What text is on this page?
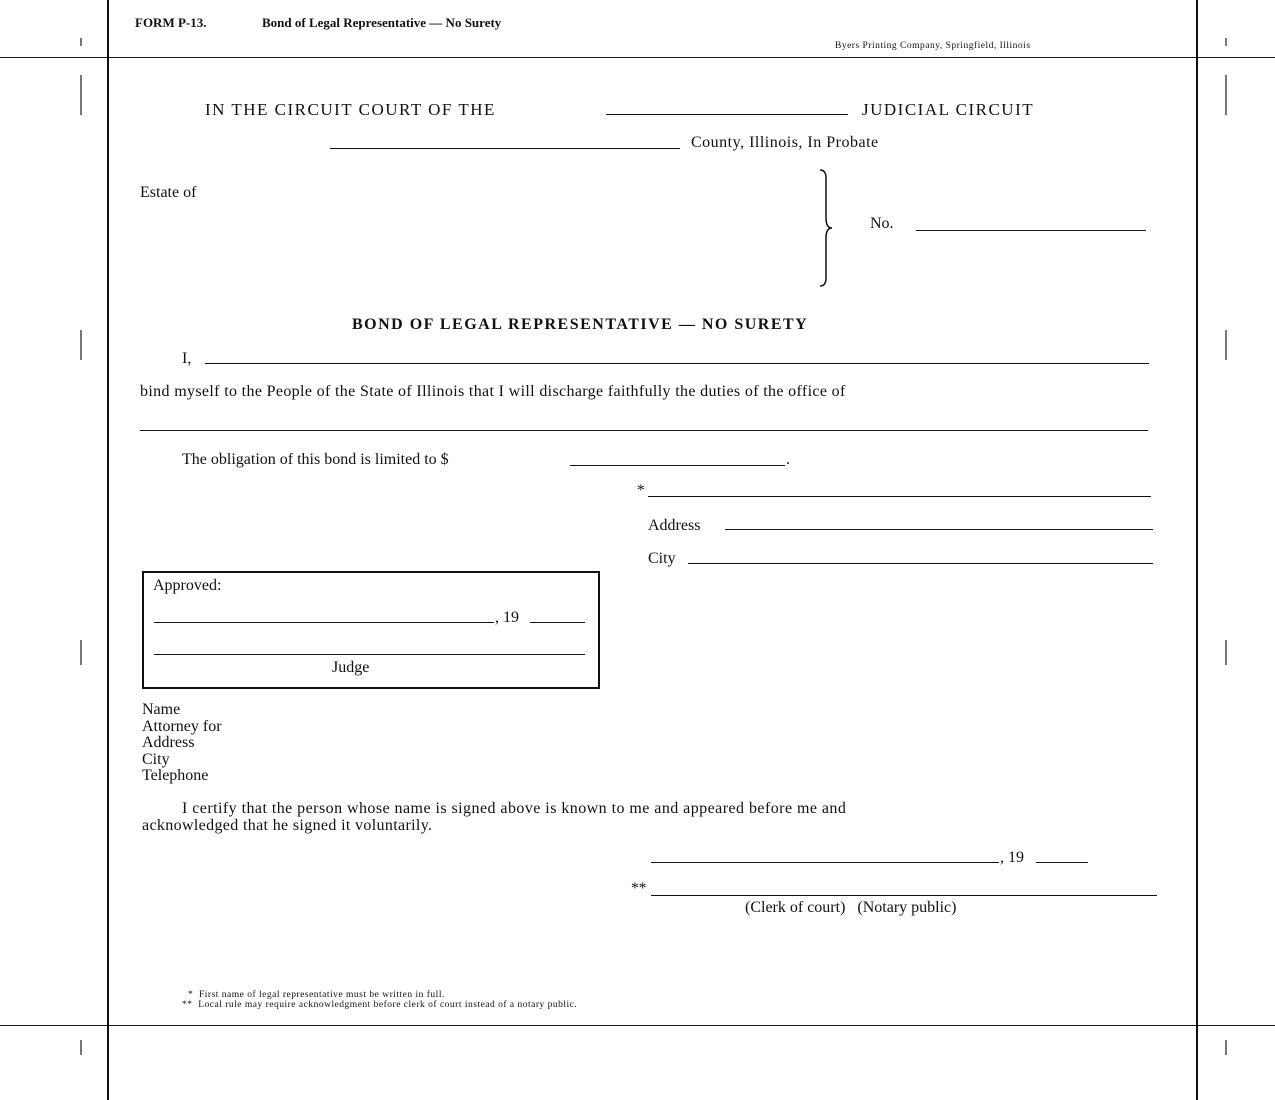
FORM P-13.	Bond of Legal Representative — No Surety
Byers Printing Company, Springfield, Illinois
IN THE CIRCUIT COURT OF THE	JUDICIAL CIRCUIT
County, Illinois, In Probate
Estate of
No.
BOND OF LEGAL REPRESENTATIVE — NO SURETY
I,
bind myself to the People of the State of Illinois that I will discharge faithfully the duties of the office of
The obligation of this bond is limited to $	.
*
Address
City
Approved:
, 19
Judge
Name
Attorney for
Address
City
Telephone
I certify that the person whose name is signed above is known to me and appeared before me and
acknowledged that he signed it voluntarily.
, 19
**
(Clerk of court)   (Notary public)
*  First name of legal representative must be written in full.
**  Local rule may require acknowledgment before clerk of court instead of a notary public.
